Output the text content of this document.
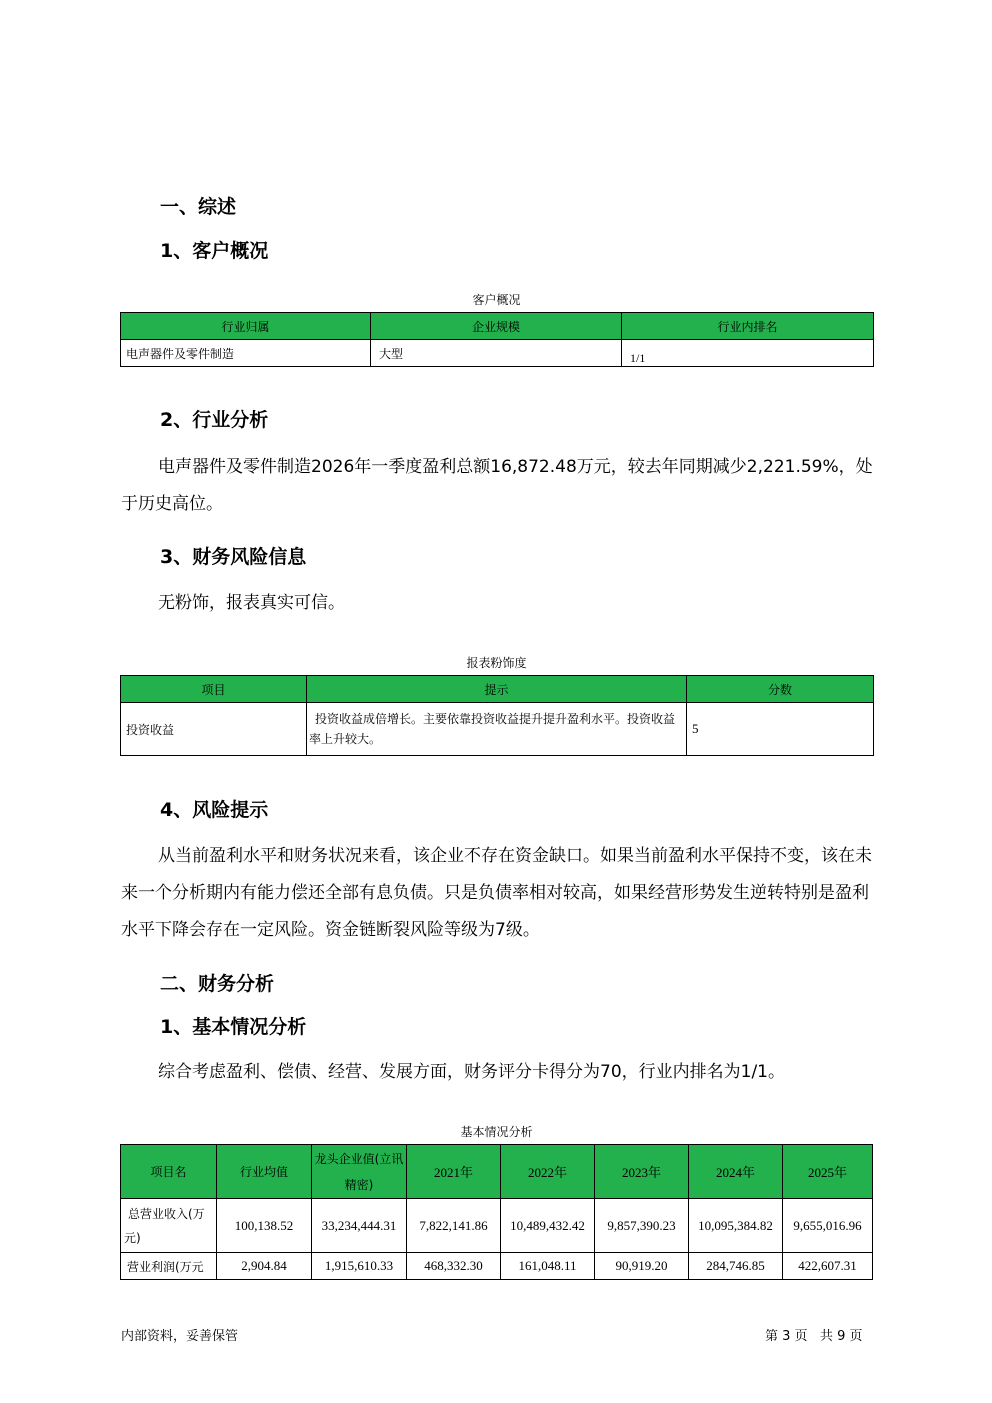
一、综述
1、客户概况
客户概况
行业归属	企业规模	行业内排名
电声器件及零件制造	大型	1/1
2、行业分析
电声器件及零件制造2026年一季度盈利总额16,872.48万元，较去年同期减少2,221.59%，处于历史高位。
3、财务风险信息
无粉饰，报表真实可信。
报表粉饰度
项目	提示	分数
投资收益	投资收益成倍增长。主要依靠投资收益提升提升盈利水平。投资收益率上升较大。	5
4、风险提示
从当前盈利水平和财务状况来看，该企业不存在资金缺口。如果当前盈利水平保持不变，该在未来一个分析期内有能力偿还全部有息负债。只是负债率相对较高，如果经营形势发生逆转特别是盈利水平下降会存在一定风险。资金链断裂风险等级为7级。
二、财务分析
1、基本情况分析
综合考虑盈利、偿债、经营、发展方面，财务评分卡得分为70，行业内排名为1/1。
基本情况分析
项目名	行业均值	龙头企业值(立讯精密)	2021年	2022年	2023年	2024年	2025年
总营业收入(万元)	100,138.52	33,234,444.31	7,822,141.86	10,489,432.42	9,857,390.23	10,095,384.82	9,655,016.96
营业利润(万元	2,904.84	1,915,610.33	468,332.30	161,048.11	90,919.20	284,746.85	422,607.31
内部资料，妥善保管	第 3 页   共 9 页
